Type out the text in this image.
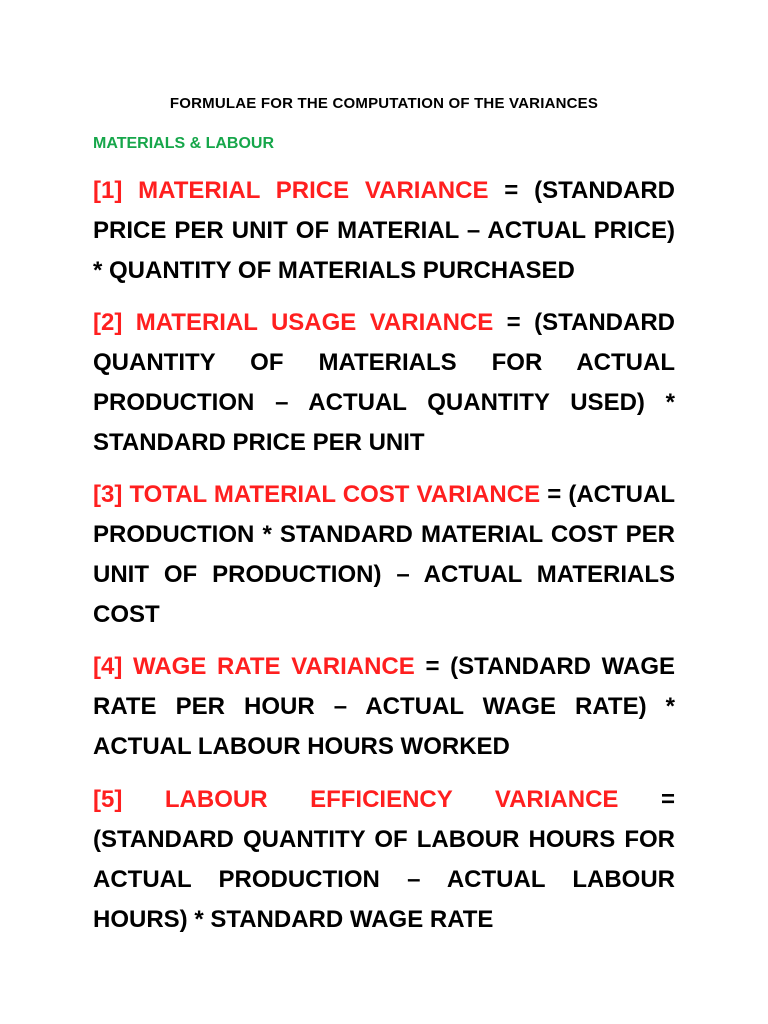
FORMULAE FOR THE COMPUTATION OF THE VARIANCES
MATERIALS & LABOUR

[1] MATERIAL PRICE VARIANCE = (STANDARD PRICE PER UNIT OF MATERIAL – ACTUAL PRICE) * QUANTITY OF MATERIALS PURCHASED

[2] MATERIAL USAGE VARIANCE = (STANDARD QUANTITY OF MATERIALS FOR ACTUAL PRODUCTION – ACTUAL QUANTITY USED) * STANDARD PRICE PER UNIT

[3] TOTAL MATERIAL COST VARIANCE = (ACTUAL PRODUCTION * STANDARD MATERIAL COST PER UNIT OF PRODUCTION) – ACTUAL MATERIALS COST

[4] WAGE RATE VARIANCE = (STANDARD WAGE RATE PER HOUR – ACTUAL WAGE RATE) * ACTUAL LABOUR HOURS WORKED

[5] LABOUR EFFICIENCY VARIANCE = (STANDARD QUANTITY OF LABOUR HOURS FOR ACTUAL PRODUCTION – ACTUAL LABOUR HOURS) * STANDARD WAGE RATE
